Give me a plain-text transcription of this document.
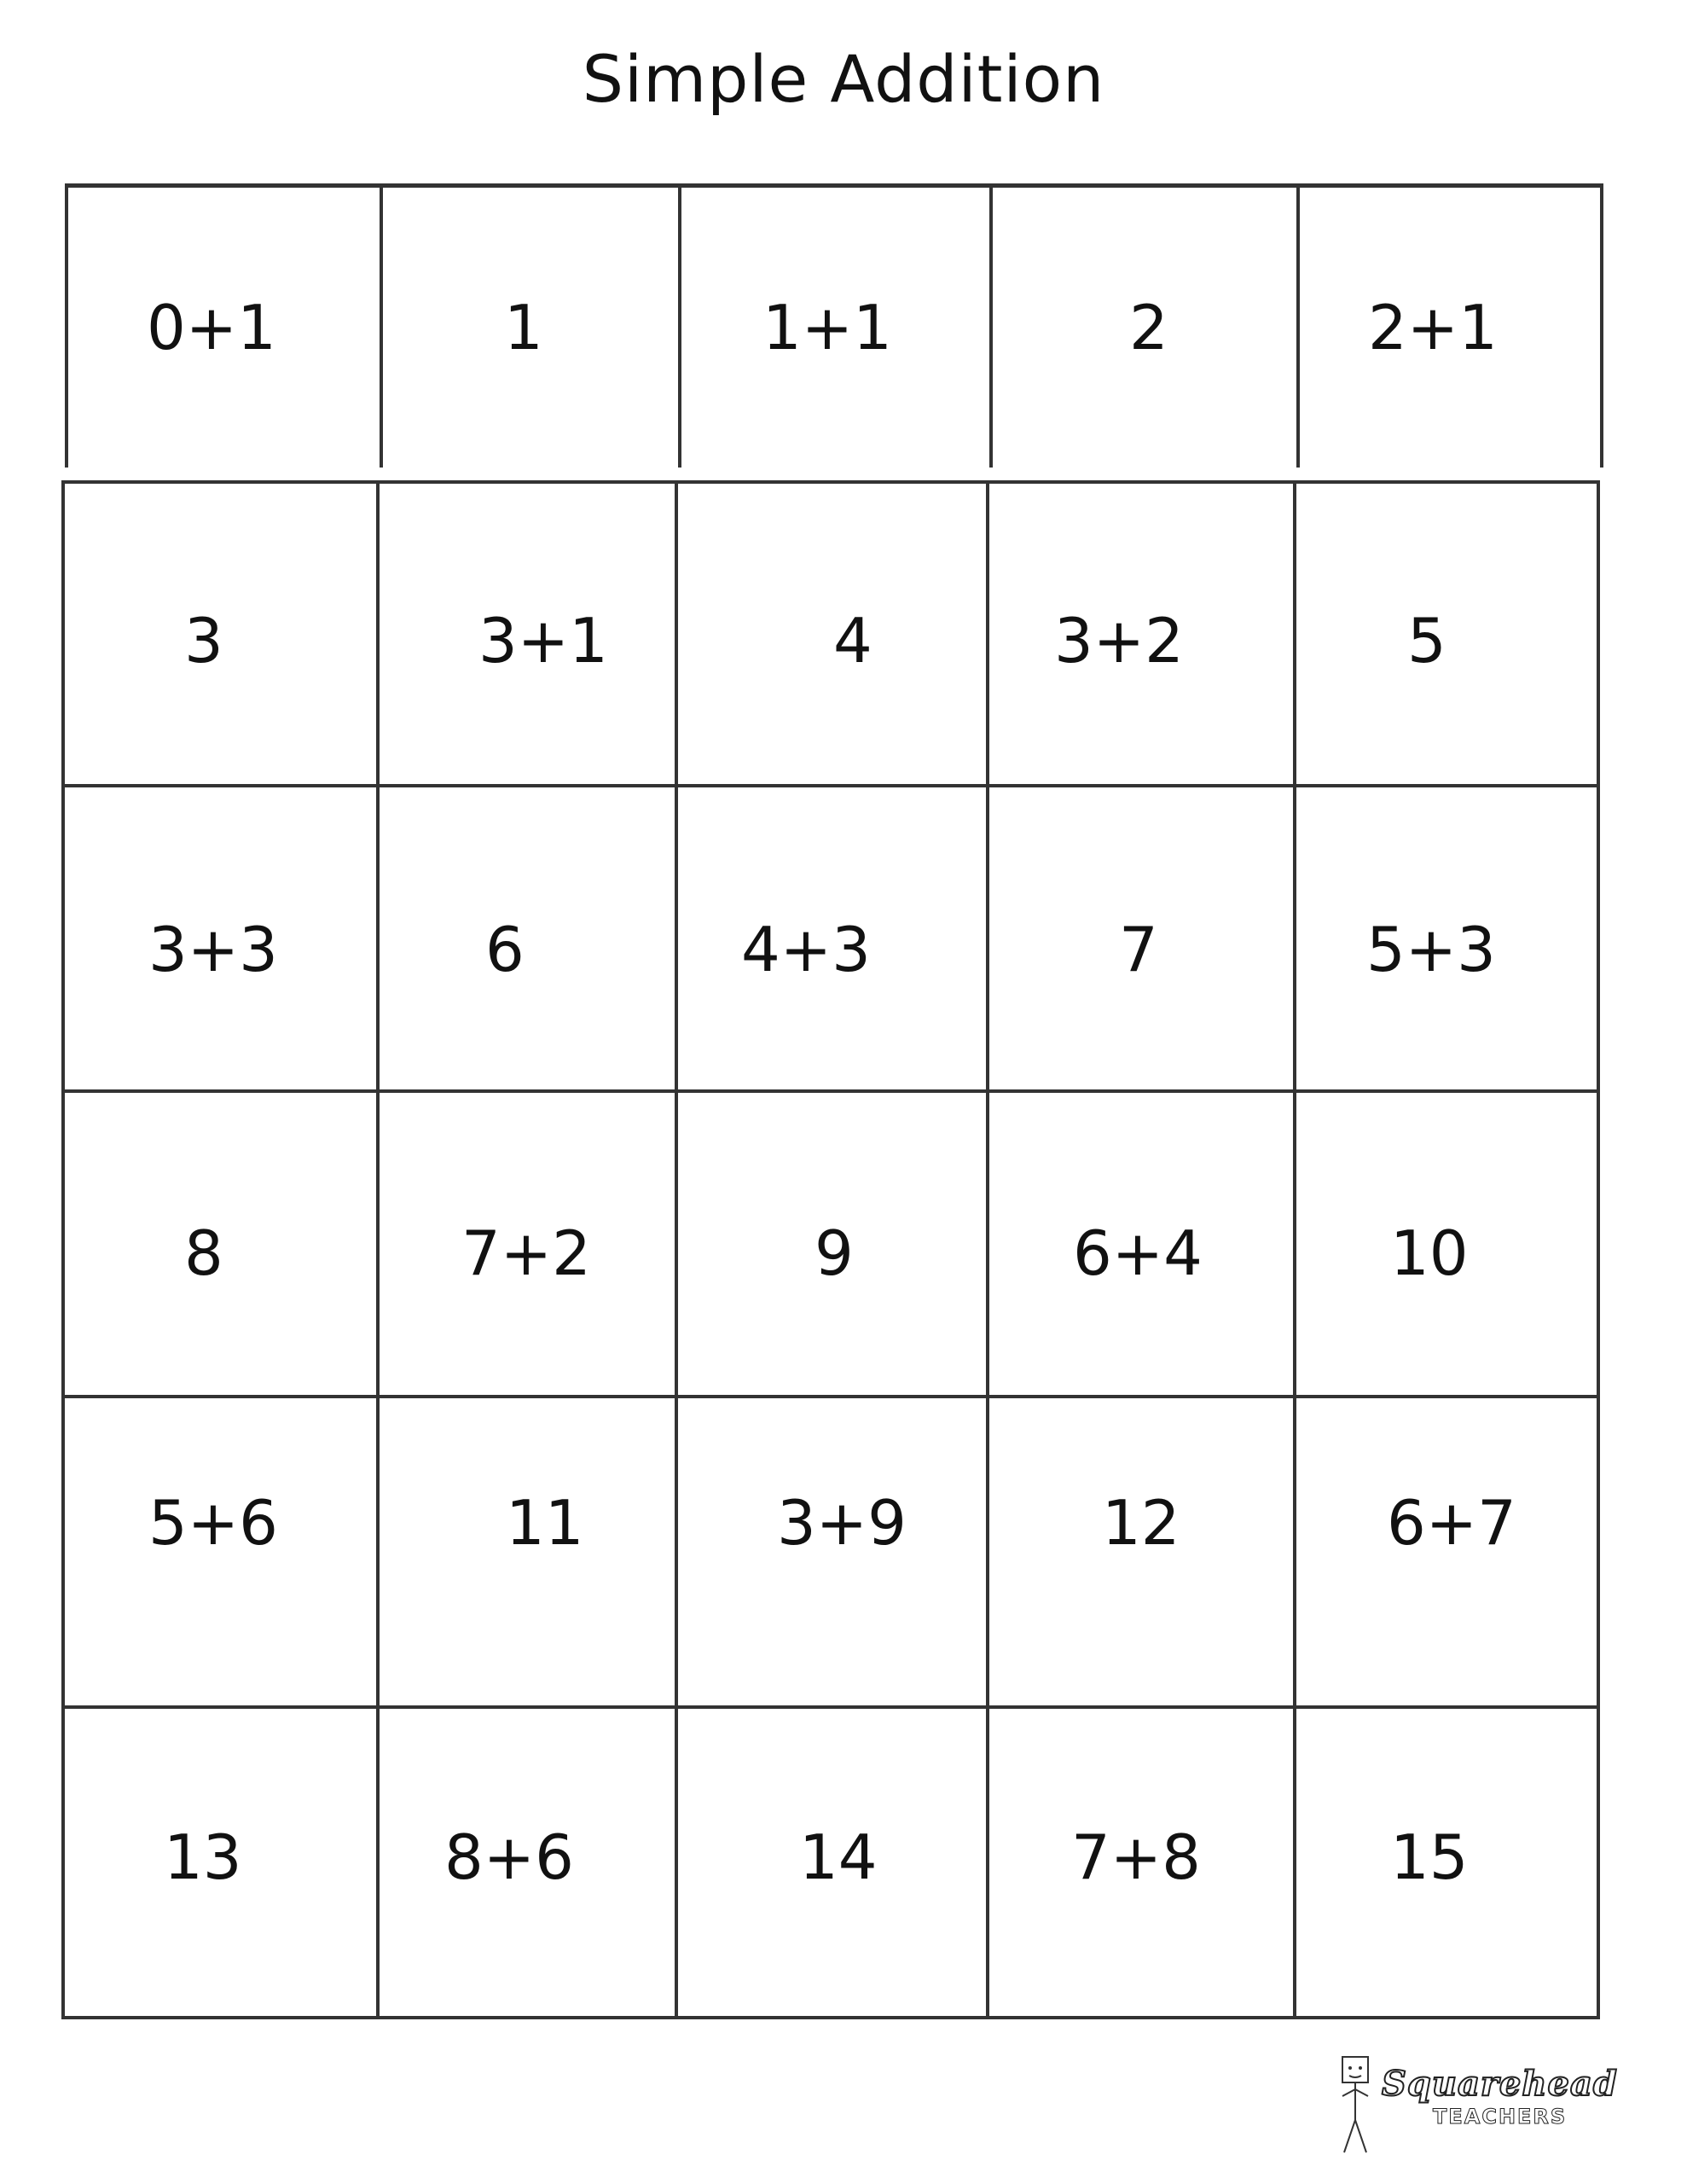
Simple Addition
0+1	1	1+1	2	2+1
3	3+1	4	3+2	5

3+3	6	4+3	7	5+3

8	7+2	9	6+4	10

5+6	11	3+9	12	6+7

13	8+6	14	7+8	15
Squarehead
TEACHERS
